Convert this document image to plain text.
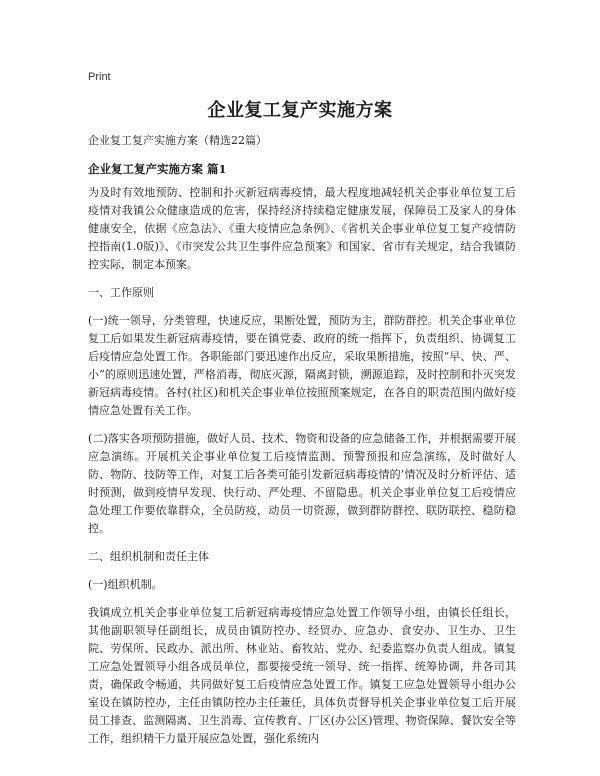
Print
企业复工复产实施方案

企业复工复产实施方案（精选22篇）

企业复工复产实施方案 篇1

为及时有效地预防、控制和扑灭新冠病毒疫情，最大程度地减轻机关企事业单位复工后疫情对我镇公众健康造成的危害，保持经济持续稳定健康发展，保障员工及家人的身体健康安全，依据《应急法》、《重大疫情应急条例》、《省机关企事业单位复工复产疫情防控指南(1.0版)》、《市突发公共卫生事件应急预案》和国家、省市有关规定，结合我镇防控实际，制定本预案。

一、工作原则

(一)统一领导，分类管理，快速反应，果断处置，预防为主，群防群控。机关企事业单位复工后如果发生新冠病毒疫情，要在镇党委、政府的统一指挥下，负责组织、协调复工后疫情应急处置工作。各职能部门要迅速作出反应，采取果断措施，按照“早、快、严、小”的原则迅速处置，严格消毒，彻底灭源，隔离封锁，溯源追踪，及时控制和扑灭突发新冠病毒疫情。各村(社区)和机关企事业单位按照预案规定，在各自的职责范围内做好疫情应急处置有关工作。

(二)落实各项预防措施，做好人员、技术、物资和设备的应急储备工作，并根据需要开展应急演练。开展机关企事业单位复工后疫情监测、预警预报和应急演练，及时做好人防、物防、技防等工作，对复工后各类可能引发新冠病毒疫情的’情况及时分析评估、适时预测，做到疫情早发现、快行动、严处理、不留隐患。机关企事业单位复工后疫情应急处理工作要依靠群众，全员防疫，动员一切资源，做到群防群控、联防联控、稳防稳控。

二、组织机制和责任主体

(一)组织机制。

我镇成立机关企事业单位复工后新冠病毒疫情应急处置工作领导小组，由镇长任组长，其他副职领导任副组长，成员由镇防控办、经贸办、应急办、食安办、卫生办、卫生院、劳保所、民政办、派出所、林业站、畜牧站、党办、纪委监察办负责人组成。镇复工应急处置领导小组各成员单位，都要接受统一领导、统一指挥、统筹协调，并各司其责，确保政令畅通，共同做好复工后疫情应急处置工作。镇复工应急处置领导小组办公室设在镇防控办，主任由镇防控办主任兼任，具体负责督导机关企事业单位复工后开展员工排查、监测隔离、卫生消毒、宣传教育、厂区(办公区)管理、物资保障、餐饮安全等工作，组织精干力量开展应急处置，强化系统内
